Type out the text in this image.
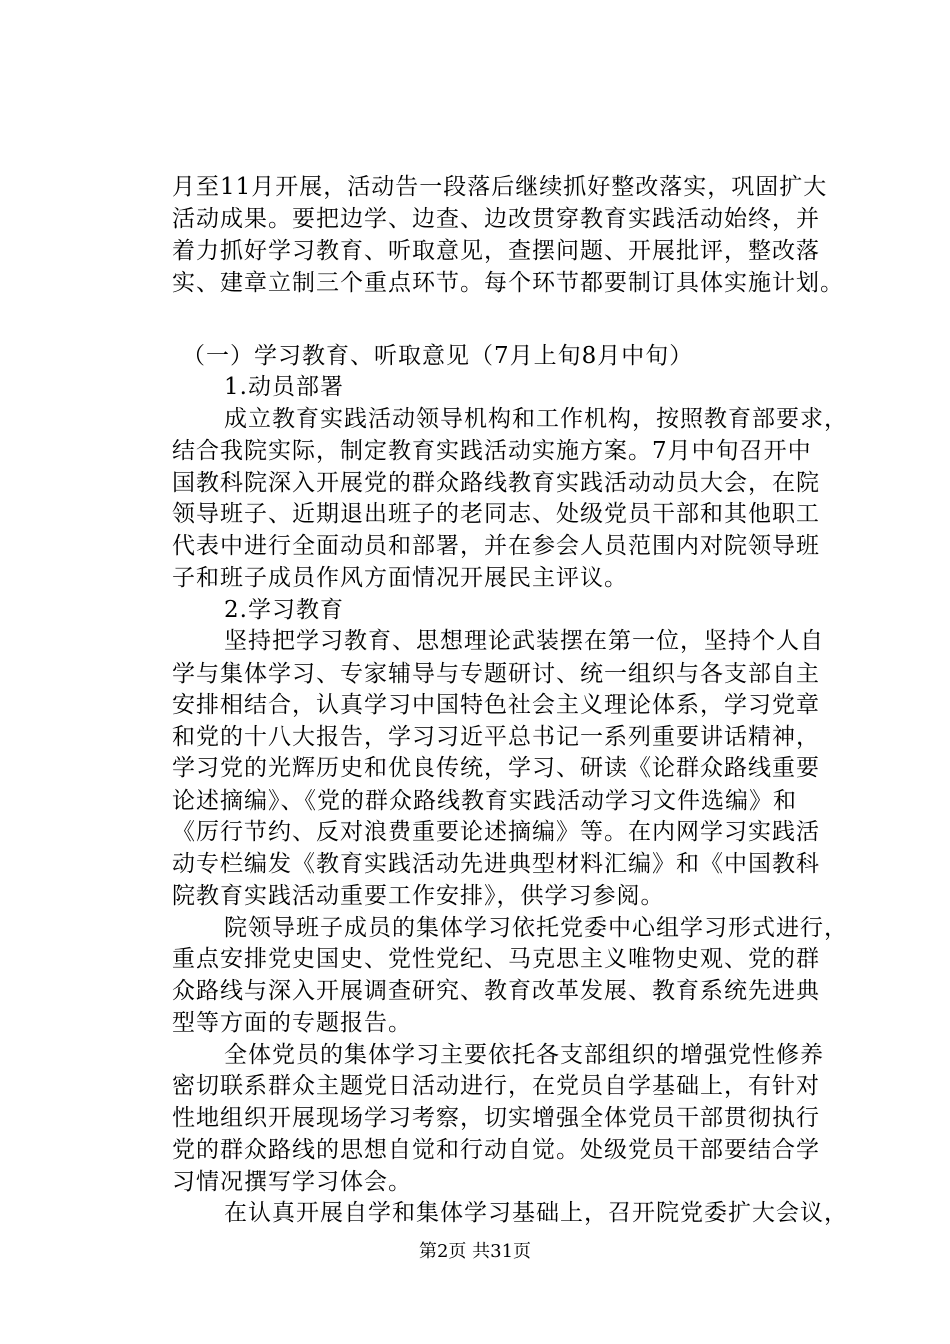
月至11月开展，活动告一段落后继续抓好整改落实，巩固扩大
活动成果。要把边学、边查、边改贯穿教育实践活动始终，并
着力抓好学习教育、听取意见，查摆问题、开展批评，整改落
实、建章立制三个重点环节。每个环节都要制订具体实施计划。
（一）学习教育、听取意见（7月上旬8月中旬）
1.动员部署
成立教育实践活动领导机构和工作机构，按照教育部要求，
结合我院实际，制定教育实践活动实施方案。7月中旬召开中
国教科院深入开展党的群众路线教育实践活动动员大会，在院
领导班子、近期退出班子的老同志、处级党员干部和其他职工
代表中进行全面动员和部署，并在参会人员范围内对院领导班
子和班子成员作风方面情况开展民主评议。
2.学习教育
坚持把学习教育、思想理论武装摆在第一位，坚持个人自
学与集体学习、专家辅导与专题研讨、统一组织与各支部自主
安排相结合，认真学习中国特色社会主义理论体系，学习党章
和党的十八大报告，学习习近平总书记一系列重要讲话精神，
学习党的光辉历史和优良传统，学习、研读《论群众路线重要
论述摘编》、《党的群众路线教育实践活动学习文件选编》和
《厉行节约、反对浪费重要论述摘编》等。在内网学习实践活
动专栏编发《教育实践活动先进典型材料汇编》和《中国教科
院教育实践活动重要工作安排》，供学习参阅。
院领导班子成员的集体学习依托党委中心组学习形式进行，
重点安排党史国史、党性党纪、马克思主义唯物史观、党的群
众路线与深入开展调查研究、教育改革发展、教育系统先进典
型等方面的专题报告。
全体党员的集体学习主要依托各支部组织的增强党性修养
密切联系群众主题党日活动进行，在党员自学基础上，有针对
性地组织开展现场学习考察，切实增强全体党员干部贯彻执行
党的群众路线的思想自觉和行动自觉。处级党员干部要结合学
习情况撰写学习体会。
在认真开展自学和集体学习基础上，召开院党委扩大会议，
第2页 共31页
